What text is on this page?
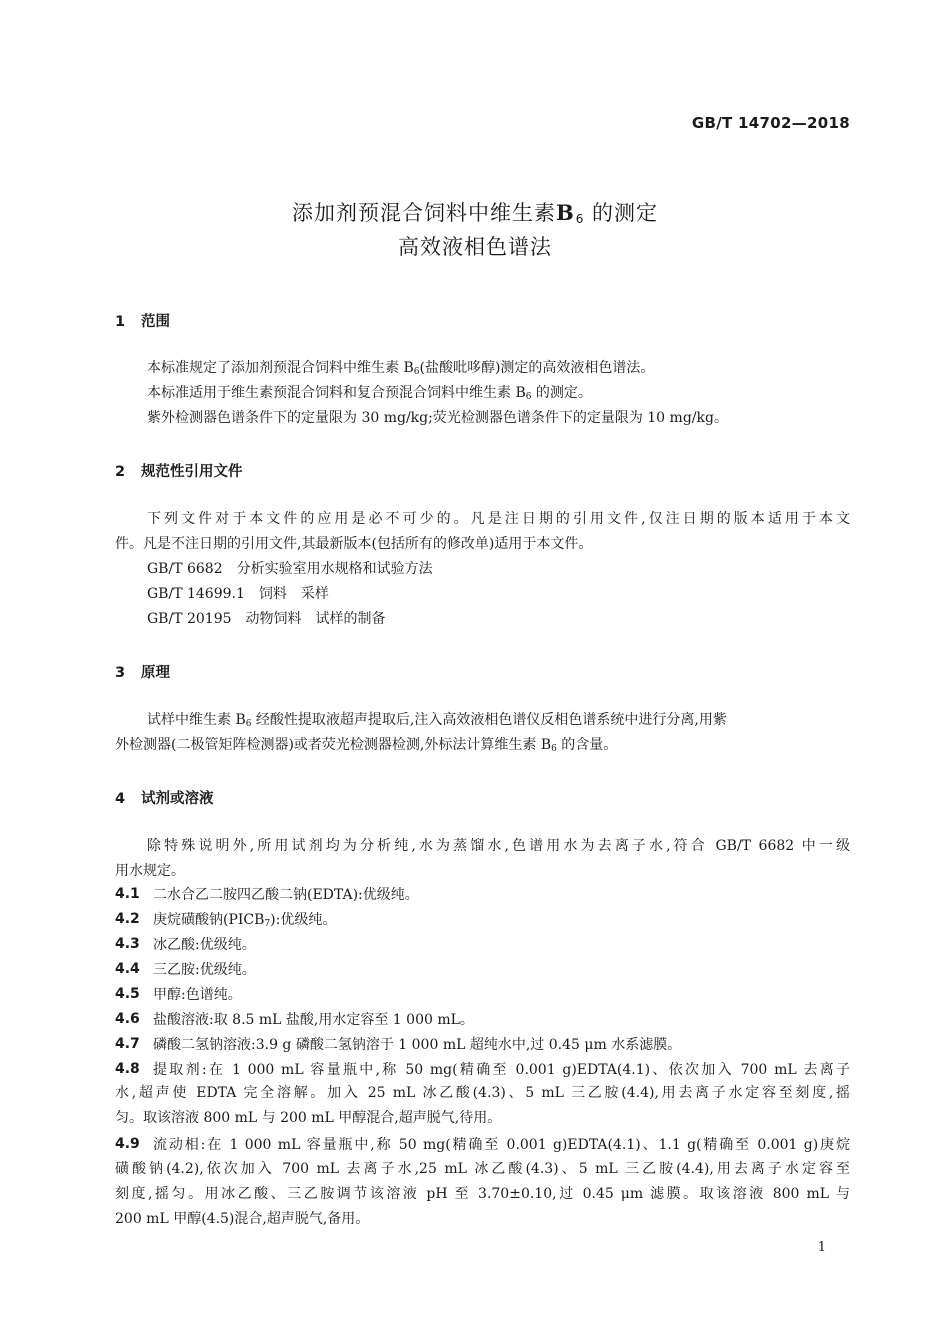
GB/T 14702—2018
添加剂预混合饲料中维生素$B_6$ 的测定
高效液相色谱法
1 范围
本标准规定了添加剂预混合饲料中维生素 B6(盐酸吡哆醇)测定的高效液相色谱法。
本标准适用于维生素预混合饲料和复合预混合饲料中维生素 B6 的测定。
紫外检测器色谱条件下的定量限为 30 mg/kg;荧光检测器色谱条件下的定量限为 10 mg/kg。
2 规范性引用文件
下列文件对于本文件的应用是必不可少的。凡是注日期的引用文件,仅注日期的版本适用于本文
件。凡是不注日期的引用文件,其最新版本(包括所有的修改单)适用于本文件。
GB/T 6682　分析实验室用水规格和试验方法
GB/T 14699.1　饲料　采样
GB/T 20195　动物饲料　试样的制备
3 原理
试样中维生素 B6 经酸性提取液超声提取后,注入高效液相色谱仪反相色谱系统中进行分离,用紫
外检测器(二极管矩阵检测器)或者荧光检测器检测,外标法计算维生素 B6 的含量。
4 试剂或溶液
除特殊说明外,所用试剂均为分析纯,水为蒸馏水,色谱用水为去离子水,符合 GB/T 6682 中一级
用水规定。
4.1 二水合乙二胺四乙酸二钠(EDTA):优级纯。
4.2 庚烷磺酸钠(PICB7):优级纯。
4.3 冰乙酸:优级纯。
4.4 三乙胺:优级纯。
4.5 甲醇:色谱纯。
4.6 盐酸溶液:取 8.5 mL 盐酸,用水定容至 1 000 mL。
4.7 磷酸二氢钠溶液:3.9 g 磷酸二氢钠溶于 1 000 mL 超纯水中,过 0.45 μm 水系滤膜。
4.8 提取剂:在 1 000 mL 容量瓶中,称 50 mg(精确至 0.001 g)EDTA(4.1)、依次加入 700 mL 去离子
水,超声使 EDTA 完全溶解。加入 25 mL 冰乙酸(4.3)、5 mL 三乙胺(4.4),用去离子水定容至刻度,摇
匀。取该溶液 800 mL 与 200 mL 甲醇混合,超声脱气,待用。
4.9 流动相:在 1 000 mL 容量瓶中,称 50 mg(精确至 0.001 g)EDTA(4.1)、1.1 g(精确至 0.001 g)庚烷
磺酸钠(4.2),依次加入 700 mL 去离子水,25 mL 冰乙酸(4.3)、5 mL 三乙胺(4.4),用去离子水定容至
刻度,摇匀。用冰乙酸、三乙胺调节该溶液 pH 至 3.70±0.10,过 0.45 μm 滤膜。取该溶液 800 mL 与
200 mL 甲醇(4.5)混合,超声脱气,备用。
1
